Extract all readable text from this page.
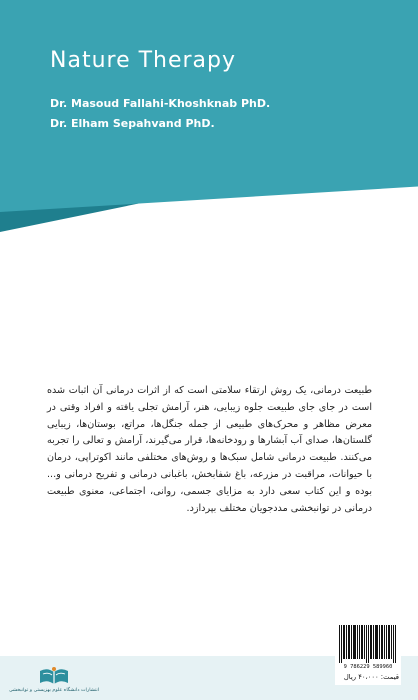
Nature Therapy
Dr. Masoud Fallahi-Khoshknab PhD.
Dr. Elham Sepahvand PhD.
طبیعت درمانی، یک روش ارتقاء سلامتی است که از اثرات درمانی آن اثبات شده است در جای جای طبیعت جلوه زیبایی، هنر، آرامش تجلی یافته و افراد وقتی در معرض مظاهر و محرک‌های طبیعی از جمله جنگل‌ها، مراتع، بوستان‌ها، زیبایی گلستان‌ها، صدای آب آبشارها و رودخانه‌ها، قرار می‌گیرند، آرامش و تعالی را تجربه می‌کنند. طبیعت درمانی شامل سبک‌ها و روش‌های مختلفی مانند اکوتراپی، درمان با حیوانات، مراقبت در مزرعه، باغ شفابخش، باغبانی درمانی و تفریح درمانی و... بوده و این کتاب سعی دارد به مزایای جسمی، روانی، اجتماعی، معنوی طبیعت درمانی در توانبخشی مددجویان مختلف بپردازد.
انتشارات دانشگاه علوم بهزیستی و توانبخشی
9 786229 589960
قیمت: ۴۰،۰۰۰ ریال
